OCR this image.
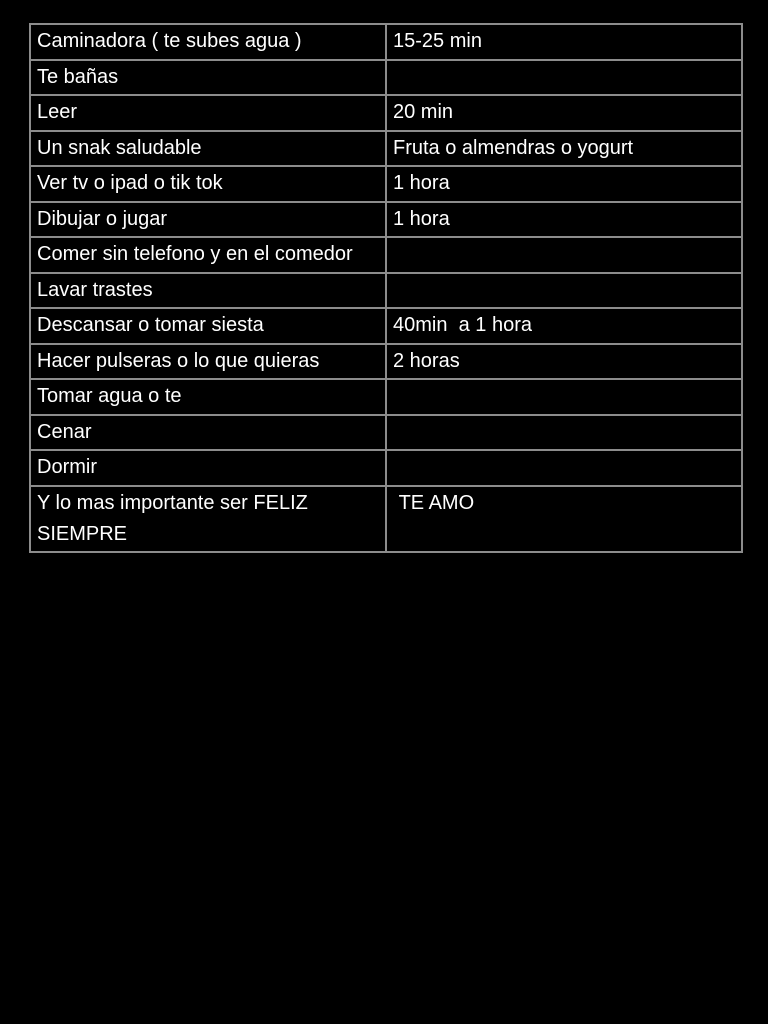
Caminadora ( te subes agua )	15-25 min
Te bañas	
Leer	20 min
Un snak saludable	Fruta o almendras o yogurt
Ver tv o ipad o tik tok	1 hora
Dibujar o jugar	1 hora
Comer sin telefono y en el comedor	
Lavar trastes	
Descansar o tomar siesta	40min  a 1 hora
Hacer pulseras o lo que quieras	2 horas
Tomar agua o te	
Cenar	
Dormir	
Y lo mas importante ser FELIZ SIEMPRE	TE AMO
